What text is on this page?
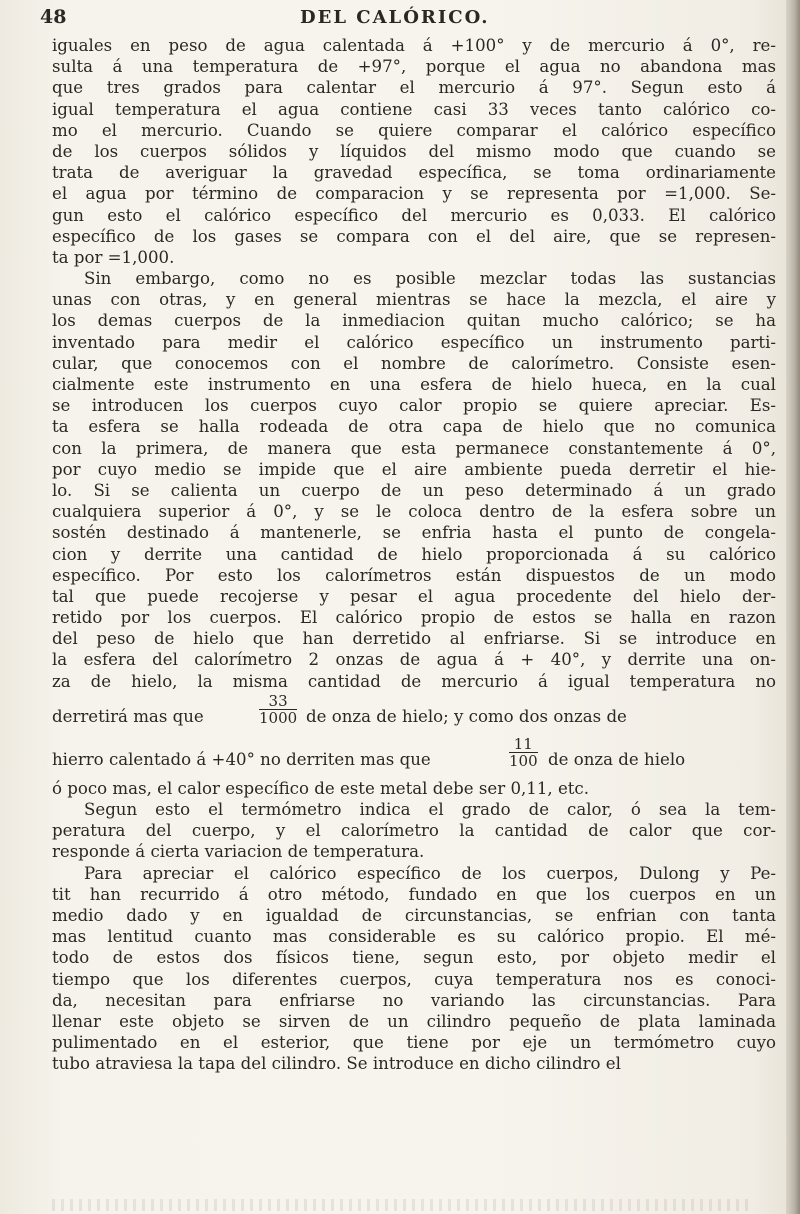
48	DEL CALÓRICO.
iguales en peso de agua calentada á +100° y de mercurio á 0°, re-
sulta á una temperatura de +97°, porque el agua no abandona mas
que tres grados para calentar el mercurio á 97°. Segun esto á
igual temperatura el agua contiene casi 33 veces tanto calórico co-
mo el mercurio. Cuando se quiere comparar el calórico específico
de los cuerpos sólidos y líquidos del mismo modo que cuando se
trata de averiguar la gravedad específica, se toma ordinariamente
el agua por término de comparacion y se representa por =1,000. Se-
gun esto el calórico específico del mercurio es 0,033. El calórico
específico de los gases se compara con el del aire, que se represen-
ta por =1,000.
Sin embargo, como no es posible mezclar todas las sustancias
unas con otras, y en general mientras se hace la mezcla, el aire y
los demas cuerpos de la inmediacion quitan mucho calórico; se ha
inventado para medir el calórico específico un instrumento parti-
cular, que conocemos con el nombre de calorímetro. Consiste esen-
cialmente este instrumento en una esfera de hielo hueca, en la cual
se introducen los cuerpos cuyo calor propio se quiere apreciar. Es-
ta esfera se halla rodeada de otra capa de hielo que no comunica
con la primera, de manera que esta permanece constantemente á 0°,
por cuyo medio se impide que el aire ambiente pueda derretir el hie-
lo. Si se calienta un cuerpo de un peso determinado á un grado
cualquiera superior á 0°, y se le coloca dentro de la esfera sobre un
sostén destinado á mantenerle, se enfria hasta el punto de congela-
cion y derrite una cantidad de hielo proporcionada á su calórico
específico. Por esto los calorímetros están dispuestos de un modo
tal que puede recojerse y pesar el agua procedente del hielo der-
retido por los cuerpos. El calórico propio de estos se halla en razon
del peso de hielo que han derretido al enfriarse. Si se introduce en
la esfera del calorímetro 2 onzas de agua á + 40°, y derrite una on-
za de hielo, la misma cantidad de mercurio á igual temperatura no
derretirá mas que	$\frac{33}{1000}$ de onza de hielo; y como dos onzas de
hierro calentado á +40° no derriten mas que	$\frac{11}{100}$ de onza de hielo
ó poco mas, el calor específico de este metal debe ser 0,11, etc.
Segun esto el termómetro indica el grado de calor, ó sea la tem-
peratura del cuerpo, y el calorímetro la cantidad de calor que cor-
responde á cierta variacion de temperatura.
Para apreciar el calórico específico de los cuerpos, Dulong y Pe-
tit han recurrido á otro método, fundado en que los cuerpos en un
medio dado y en igualdad de circunstancias, se enfrian con tanta
mas lentitud cuanto mas considerable es su calórico propio. El mé-
todo de estos dos físicos tiene, segun esto, por objeto medir el
tiempo que los diferentes cuerpos, cuya temperatura nos es conoci-
da, necesitan para enfriarse no variando las circunstancias. Para
llenar este objeto se sirven de un cilindro pequeño de plata laminada
pulimentado en el esterior, que tiene por eje un termómetro cuyo
tubo atraviesa la tapa del cilindro. Se introduce en dicho cilindro el
